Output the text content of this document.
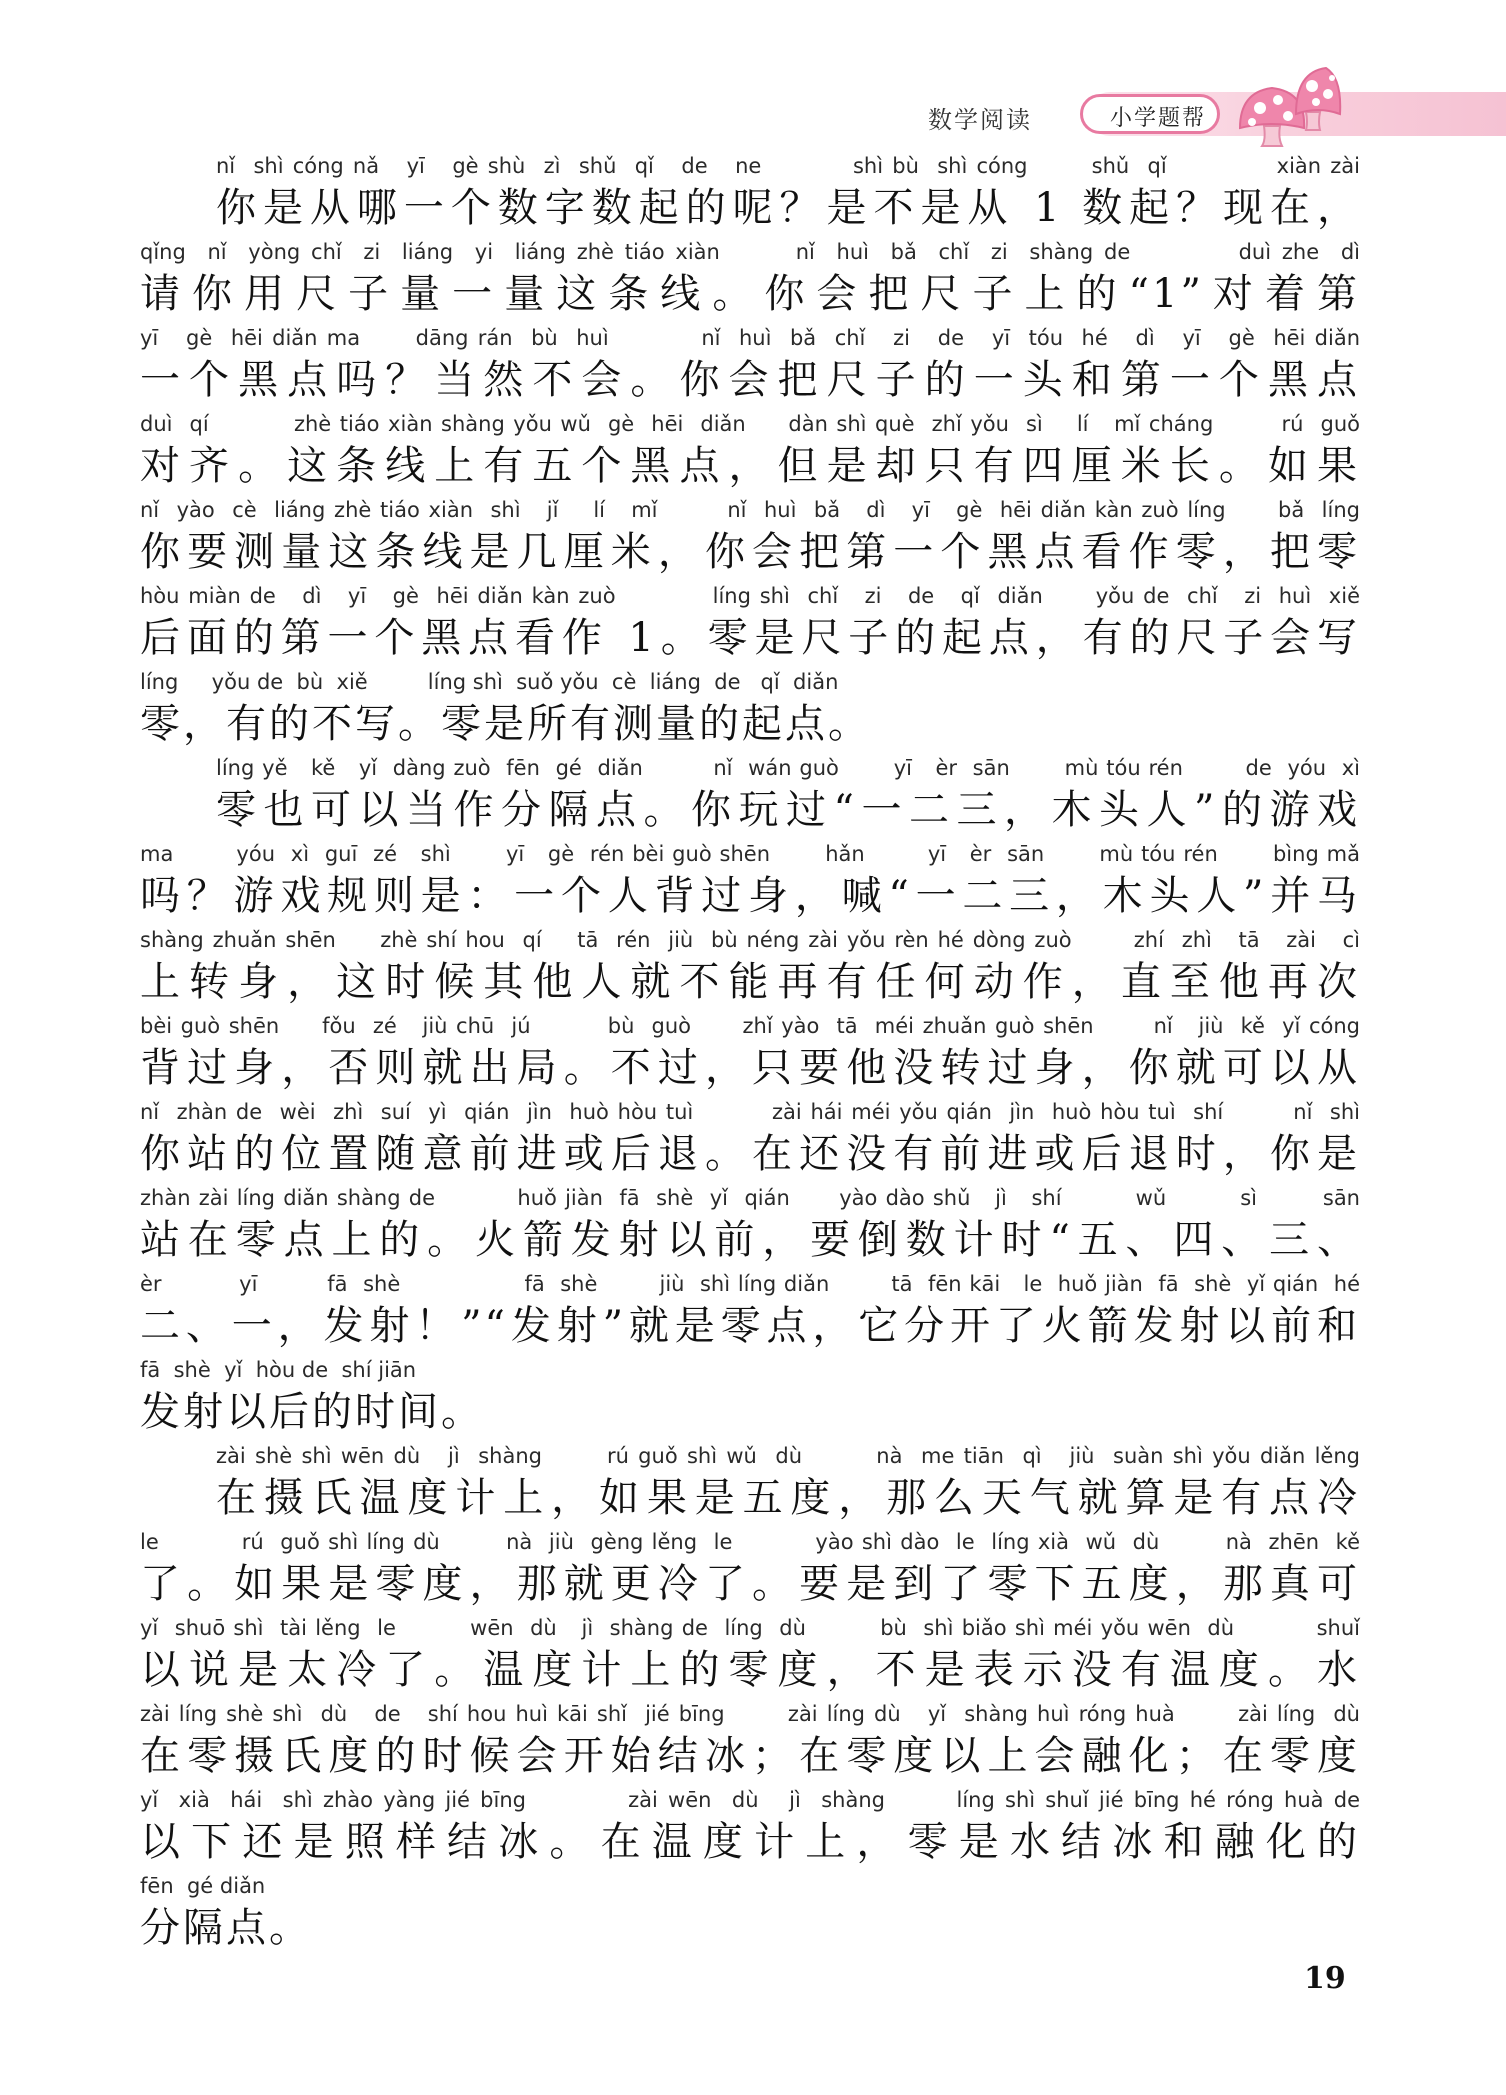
数学阅读	小学题帮
nǐ  shì cóng nǎ   yī   gè shù  zì  shǔ  qǐ   de   ne          shì bù  shì cóng       shǔ  qǐ            xiàn zài
你是从哪一个数字数起的呢？是不是从 1 数起？现在，
qǐng  nǐ  yòng chǐ  zi  liáng  yi  liáng zhè tiáo xiàn       nǐ  huì  bǎ  chǐ  zi  shàng de          duì zhe  dì
请你用尺子量一量这条线。你会把尺子上的“1”对着第
yī   gè  hēi diǎn ma      dāng rán  bù  huì          nǐ  huì  bǎ  chǐ   zi   de   yī  tóu  hé   dì   yī   gè  hēi diǎn
一个黑点吗？当然不会。你会把尺子的一头和第一个黑点
duì  qí          zhè tiáo xiàn shàng yǒu wǔ  gè  hēi  diǎn     dàn shì què  zhǐ yǒu  sì    lí   mǐ cháng        rú  guǒ
对齐。这条线上有五个黑点，但是却只有四厘米长。如果
nǐ  yào  cè  liáng zhè tiáo xiàn  shì   jǐ    lí   mǐ        nǐ  huì  bǎ   dì   yī   gè  hēi diǎn kàn zuò líng      bǎ  líng
你要测量这条线是几厘米，你会把第一个黑点看作零，把零
hòu miàn de   dì   yī   gè  hēi diǎn kàn zuò           líng shì  chǐ   zi   de   qǐ  diǎn      yǒu de  chǐ   zi  huì  xiě
后面的第一个黑点看作 1。零是尺子的起点，有的尺子会写
líng     yǒu de  bù  xiě         líng shì  suǒ yǒu  cè  liáng  de   qǐ  diǎn
零，有的不写。零是所有测量的起点。
líng yě   kě   yǐ  dàng zuò  fēn  gé  diǎn         nǐ  wán guò       yī   èr  sān       mù tóu rén        de  yóu  xì
零也可以当作分隔点。你玩过“一二三，木头人”的游戏
ma        yóu  xì  guī  zé   shì       yī   gè  rén bèi guò shēn       hǎn        yī   èr  sān       mù tóu rén       bìng mǎ
吗？游戏规则是：一个人背过身，喊“一二三，木头人”并马
shàng zhuǎn shēn     zhè shí hou  qí    tā  rén  jiù  bù néng zài yǒu rèn hé dòng zuò       zhí  zhì   tā   zài   cì
上转身，这时候其他人就不能再有任何动作，直至他再次
bèi guò shēn     fǒu  zé   jiù chū  jú         bù  guò      zhǐ yào  tā  méi zhuǎn guò shēn       nǐ   jiù  kě  yǐ cóng
背过身，否则就出局。不过，只要他没转过身，你就可以从
nǐ  zhàn de  wèi  zhì  suí  yì  qián  jìn  huò hòu tuì         zài hái méi yǒu qián  jìn  huò hòu tuì  shí        nǐ  shì
你站的位置随意前进或后退。在还没有前进或后退时，你是
zhàn zài líng diǎn shàng de          huǒ jiàn  fā  shè  yǐ  qián      yào dào shǔ   jì   shí         wǔ         sì        sān
站在零点上的。火箭发射以前，要倒数计时“五、四、三、
èr          yī         fā  shè                fā  shè        jiù  shì líng diǎn        tā  fēn kāi   le  huǒ jiàn  fā  shè  yǐ qián  hé
二、一，发射！”“发射”就是零点，它分开了火箭发射以前和
fā  shè  yǐ  hòu de  shí jiān
发射以后的时间。
zài shè shì wēn dù   jì  shàng       rú guǒ shì wǔ  dù        nà  me tiān  qì   jiù  suàn shì yǒu diǎn lěng
在摄氏温度计上，如果是五度，那么天气就算是有点冷
le          rú  guǒ shì líng dù        nà  jiù  gèng lěng  le          yào shì dào  le  líng xià  wǔ  dù        nà  zhēn  kě
了。如果是零度，那就更冷了。要是到了零下五度，那真可
yǐ  shuō shì  tài lěng  le         wēn  dù   jì  shàng de  líng  dù         bù  shì biǎo shì méi yǒu wēn  dù          shuǐ
以说是太冷了。温度计上的零度，不是表示没有温度。水
zài líng shè shì  dù   de   shí hou huì kāi shǐ  jié bīng       zài líng dù   yǐ  shàng huì róng huà       zài líng  dù
在零摄氏度的时候会开始结冰；在零度以上会融化；在零度
yǐ  xià  hái  shì zhào yàng jié bīng          zài wēn  dù   jì  shàng       líng shì shuǐ jié bīng hé róng huà de
以下还是照样结冰。在温度计上，零是水结冰和融化的
fēn  gé diǎn
分隔点。
19
